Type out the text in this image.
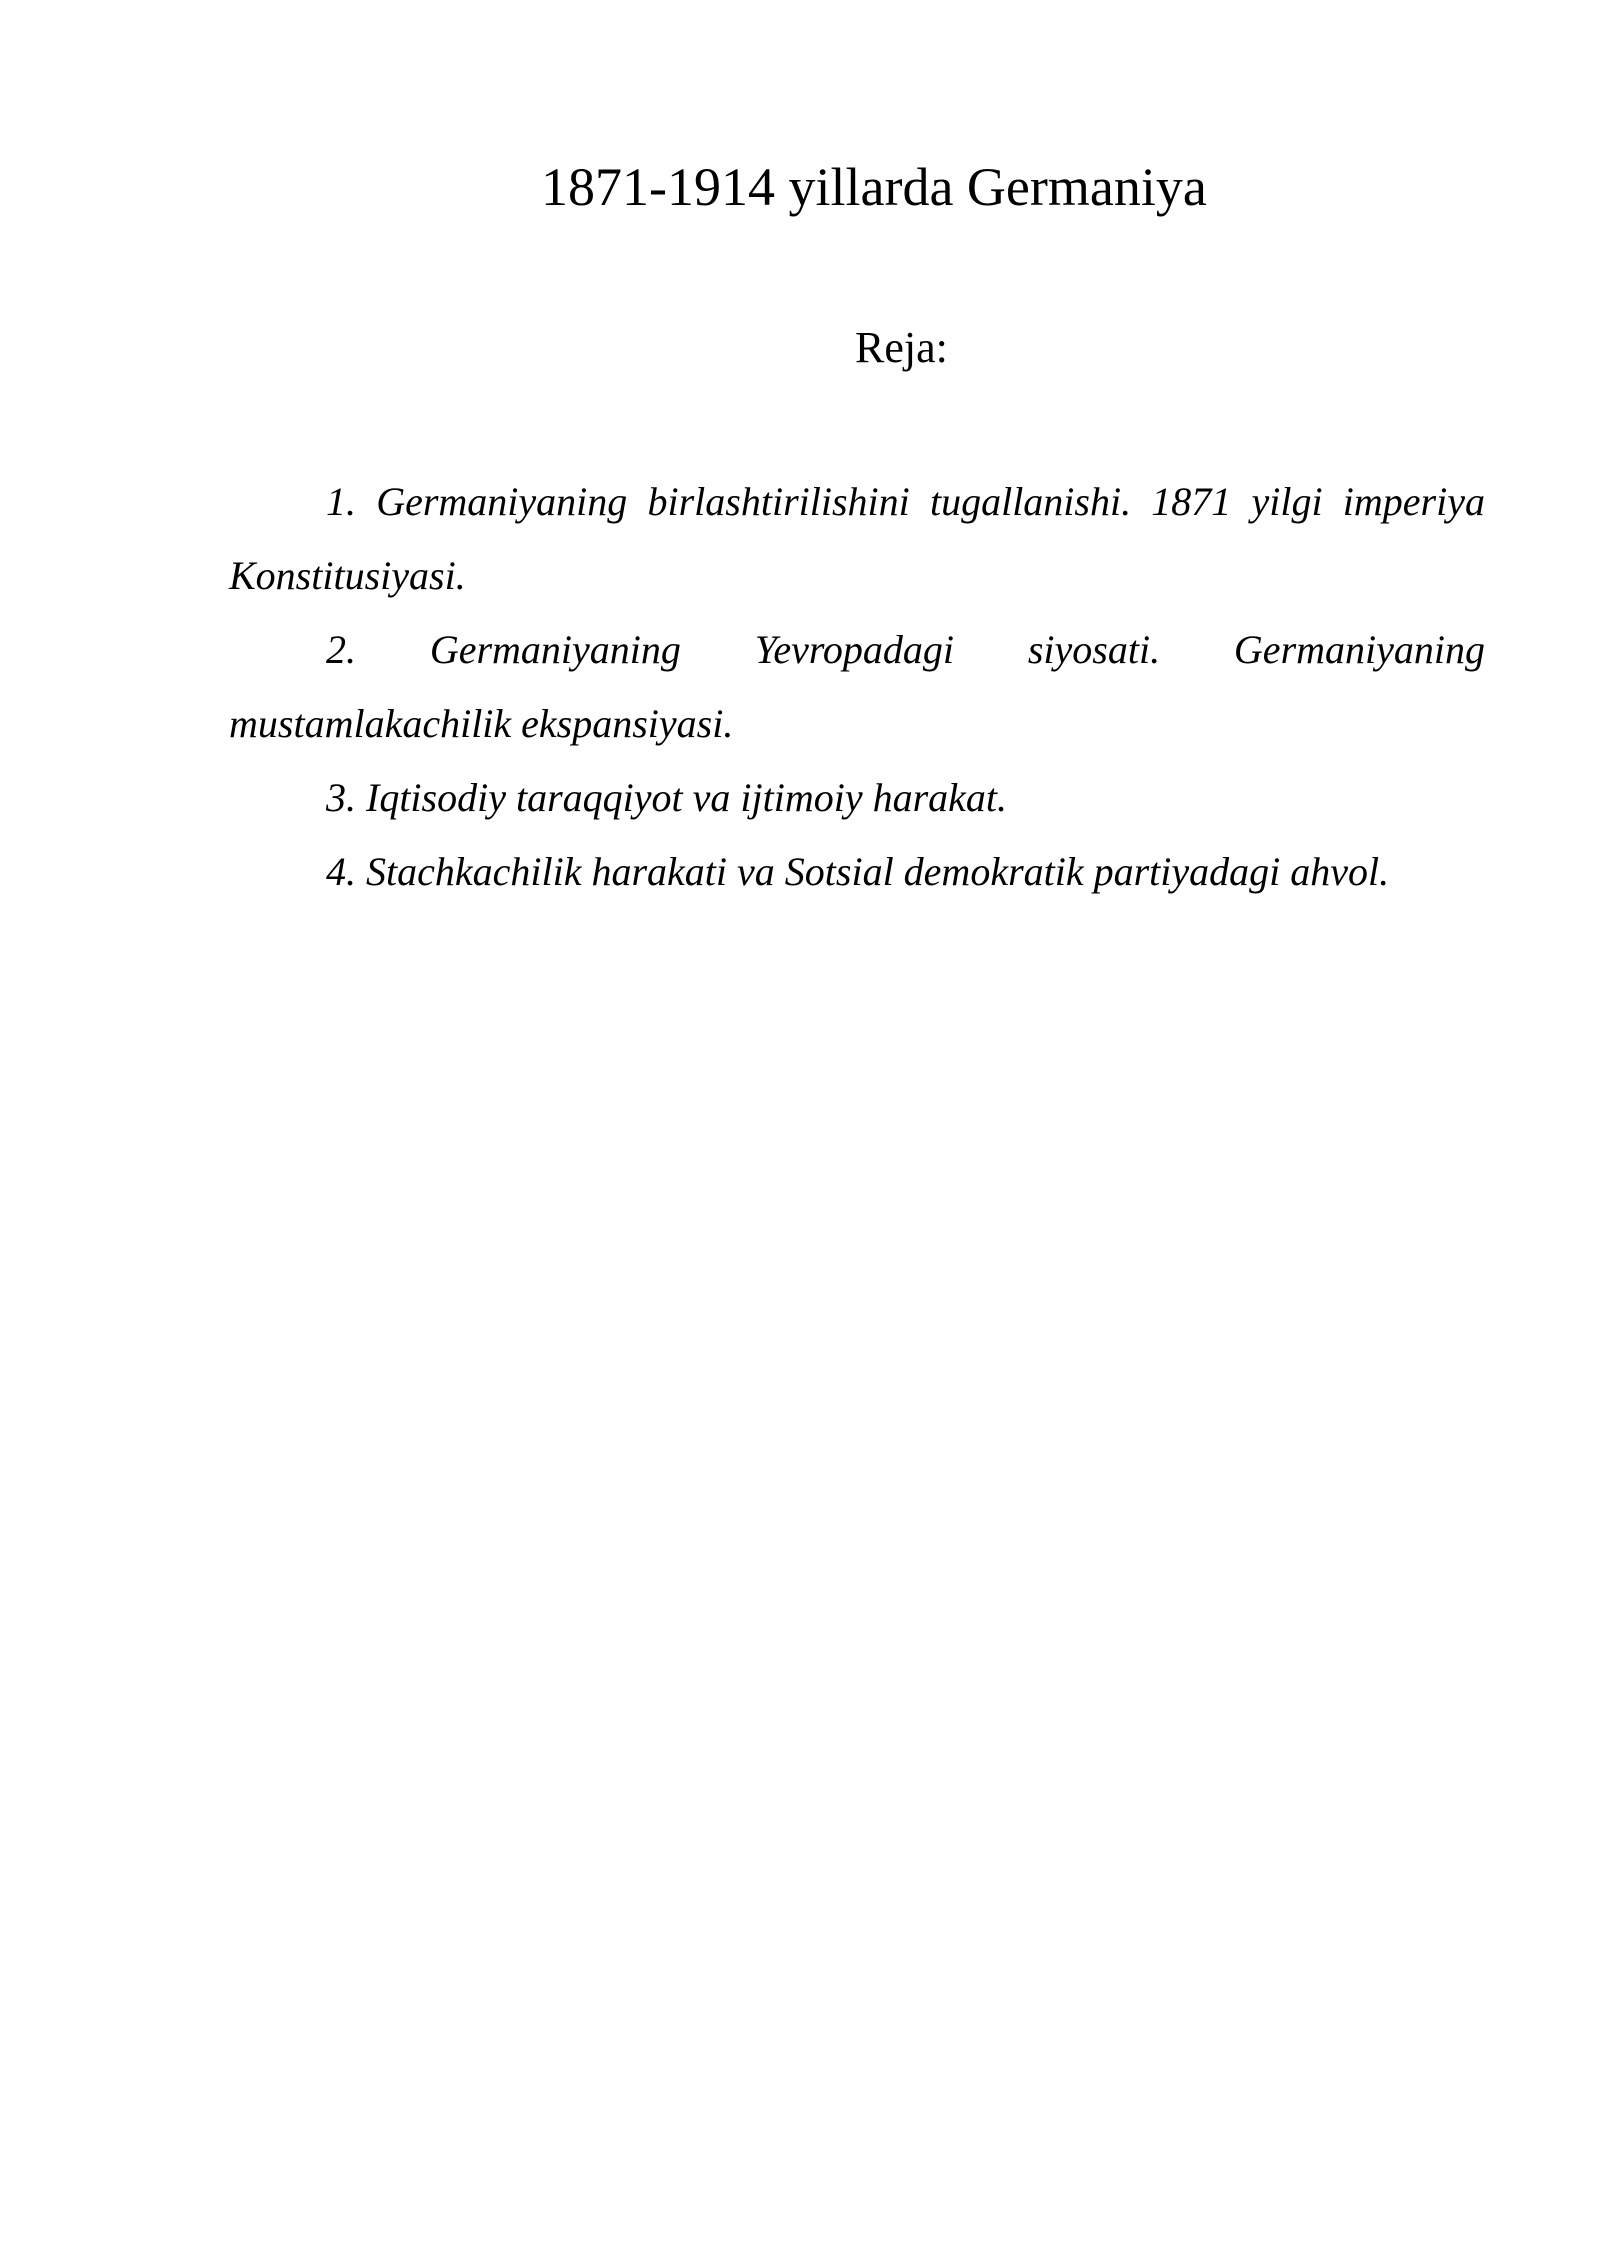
1871-1914 yillarda Germaniya
Reja:

1. Germaniyaning birlashtirilishini tugallanishi. 1871 yilgi imperiya Konstitusiyasi.

2. Germaniyaning Yevropadagi siyosati. Germaniyaning mustamlakachilik ekspansiyasi.

3. Iqtisodiy taraqqiyot va ijtimoiy harakat.

4. Stachkachilik harakati va Sotsial demokratik partiyadagi ahvol.
